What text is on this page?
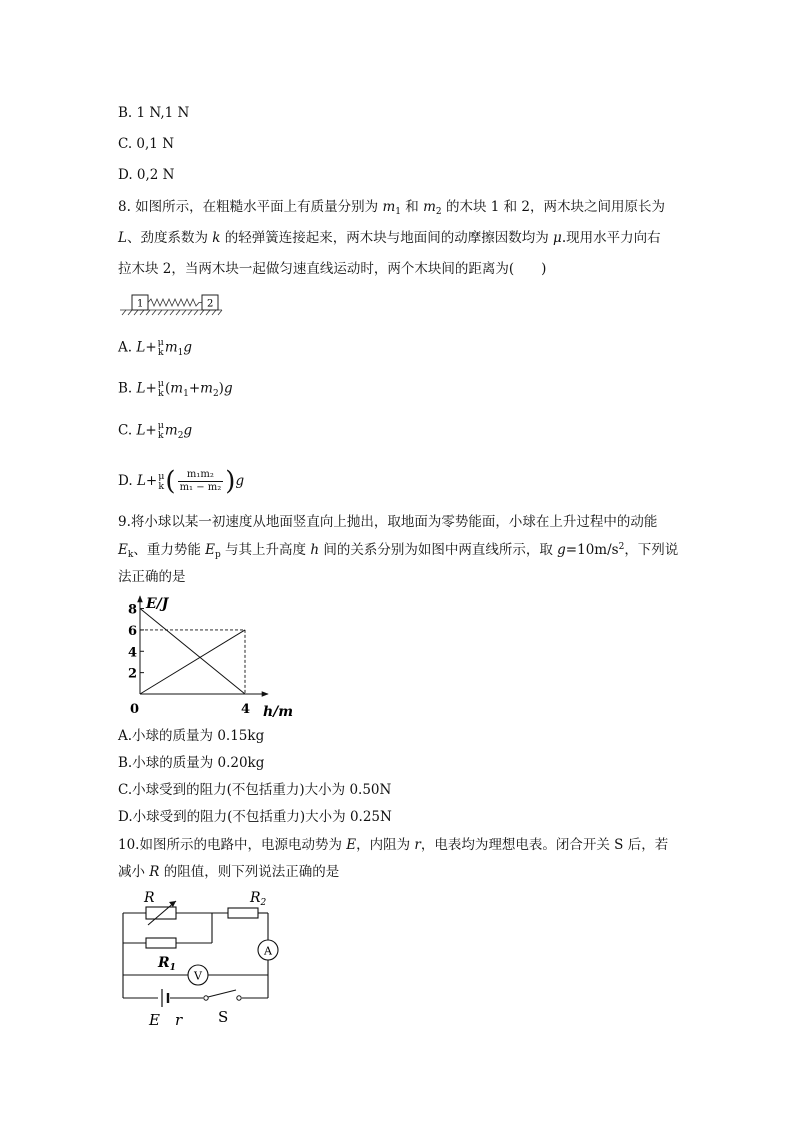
B. 1 N,1 N
C. 0,1 N
D. 0,2 N
8. 如图所示，在粗糙水平面上有质量分别为 $m_1$ 和 $m_2$ 的木块 1 和 2，两木块之间用原长为
L、劲度系数为 k 的轻弹簧连接起来，两木块与地面间的动摩擦因数均为 μ.现用水平力向右
拉木块 2，当两木块一起做匀速直线运动时，两个木块间的距离为(　　)
1	2
A. L+ μ
k $m_1g$
B. L+ μ
k $(m_1+m_2)g$
C. L+ μ
k $m_2g$
D. L+ μ
k ( $\frac{\text{m₁m₂}}{\text{m₁ − m₂}} )g$
9.将小球以某一初速度从地面竖直向上抛出，取地面为零势能面，小球在上升过程中的动能
$E_k$、重力势能 $E_p$ 与其上升高度 h 间的关系分别为如图中两直线所示，取 $g=10m/s^2$，下列说
法正确的是
E/J
h/m
0
2
4
6
8
4
A.小球的质量为 0.15kg
B.小球的质量为 0.20kg
C.小球受到的阻力(不包括重力)大小为 0.50N
D.小球受到的阻力(不包括重力)大小为 0.25N
10.如图所示的电路中，电源电动势为 E，内阻为 r，电表均为理想电表。闭合开关 S 后，若
减小 R 的阻值，则下列说法正确的是
R
$R_1$
$R_2$
A
V
E r S
